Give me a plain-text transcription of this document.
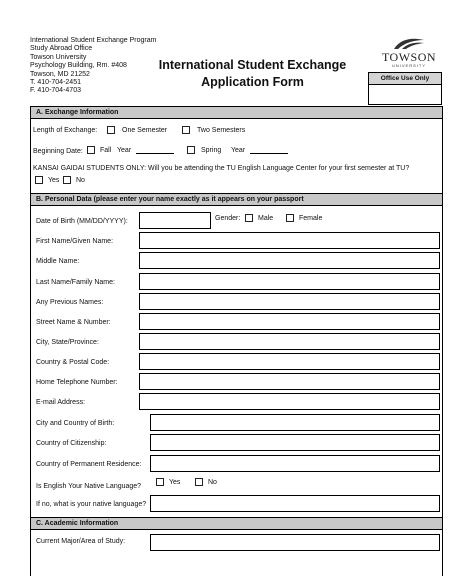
International Student Exchange Program
Study Abroad Office
Towson University
Psychology Building, Rm. #408
Towson, MD 21252
T. 410-704-2451
F. 410-704-4703
International Student Exchange
Application Form
TOWSON
UNIVERSITY
Office Use Only
A. Exchange Information
Length of Exchange:	One Semester	Two Semesters
Beginning Date: Fall Year	Spring Year
KANSAI GAIDAI STUDENTS ONLY: Will you be attending the TU English Language Center for your first semester at TU?
Yes No
B. Personal Data (please enter your name exactly as it appears on your passport
Date of Birth (MM/DD/YYYY):	Gender:	Male	Female
First Name/Given Name:
Middle Name:
Last Name/Family Name:
Any Previous Names:
Street Name & Number:
City, State/Province:
Country & Postal Code:
Home Telephone Number:
E-mail Address:
City and Country of Birth:
Country of Citizenship:
Country of Permanent Residence:
Is English Your Native Language?
Yes	No
If no, what is your native language?
C. Academic Information
Current Major/Area of Study:
